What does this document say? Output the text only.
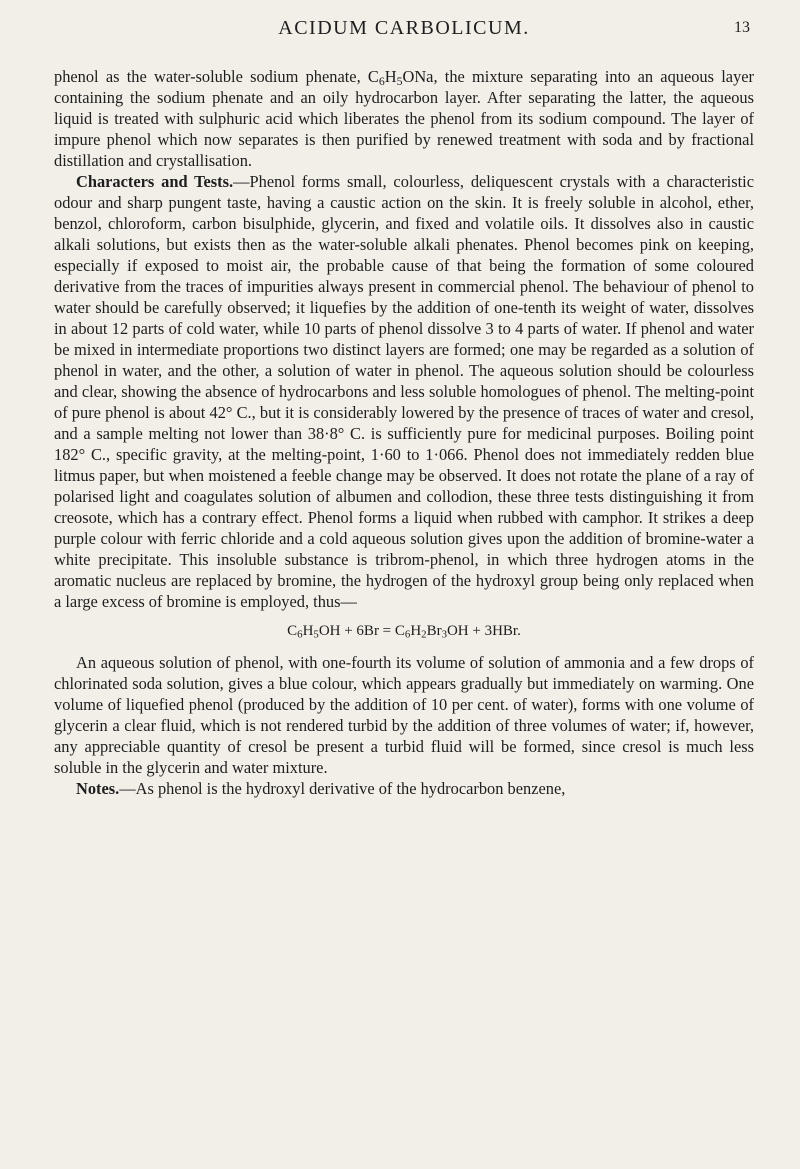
ACIDUM CARBOLICUM.	13

phenol as the water-soluble sodium phenate, $C_6H_5ONa$, the mixture separating into an aqueous layer containing the sodium phenate and an oily hydrocarbon layer. After separating the latter, the aqueous liquid is treated with sulphuric acid which liberates the phenol from its sodium compound. The layer of impure phenol which now separates is then purified by renewed treatment with soda and by fractional distillation and crystallisation.

Characters and Tests.—Phenol forms small, colourless, deliquescent crystals with a characteristic odour and sharp pungent taste, having a caustic action on the skin. It is freely soluble in alcohol, ether, benzol, chloroform, carbon bisulphide, glycerin, and fixed and volatile oils. It dissolves also in caustic alkali solutions, but exists then as the water-soluble alkali phenates. Phenol becomes pink on keeping, especially if exposed to moist air, the probable cause of that being the formation of some coloured derivative from the traces of impurities always present in commercial phenol. The behaviour of phenol to water should be carefully observed; it liquefies by the addition of one-tenth its weight of water, dissolves in about 12 parts of cold water, while 10 parts of phenol dissolve 3 to 4 parts of water. If phenol and water be mixed in intermediate proportions two distinct layers are formed; one may be regarded as a solution of phenol in water, and the other, a solution of water in phenol. The aqueous solution should be colourless and clear, showing the absence of hydrocarbons and less soluble homologues of phenol. The melting-point of pure phenol is about 42° C., but it is considerably lowered by the presence of traces of water and cresol, and a sample melting not lower than 38·8° C. is sufficiently pure for medicinal purposes. Boiling point 182° C., specific gravity, at the melting-point, 1·60 to 1·066. Phenol does not immediately redden blue litmus paper, but when moistened a feeble change may be observed. It does not rotate the plane of a ray of polarised light and coagulates solution of albumen and collodion, these three tests distinguishing it from creosote, which has a contrary effect. Phenol forms a liquid when rubbed with camphor. It strikes a deep purple colour with ferric chloride and a cold aqueous solution gives upon the addition of bromine-water a white precipitate. This insoluble substance is tribrom-phenol, in which three hydrogen atoms in the aromatic nucleus are replaced by bromine, the hydrogen of the hydroxyl group being only replaced when a large excess of bromine is employed, thus—

$C_6H_5OH + 6Br = C_6H_2Br_3OH + 3HBr$.

An aqueous solution of phenol, with one-fourth its volume of solution of ammonia and a few drops of chlorinated soda solution, gives a blue colour, which appears gradually but immediately on warming. One volume of liquefied phenol (produced by the addition of 10 per cent. of water), forms with one volume of glycerin a clear fluid, which is not rendered turbid by the addition of three volumes of water; if, however, any appreciable quantity of cresol be present a turbid fluid will be formed, since cresol is much less soluble in the glycerin and water mixture.

Notes.—As phenol is the hydroxyl derivative of the hydrocarbon benzene,
